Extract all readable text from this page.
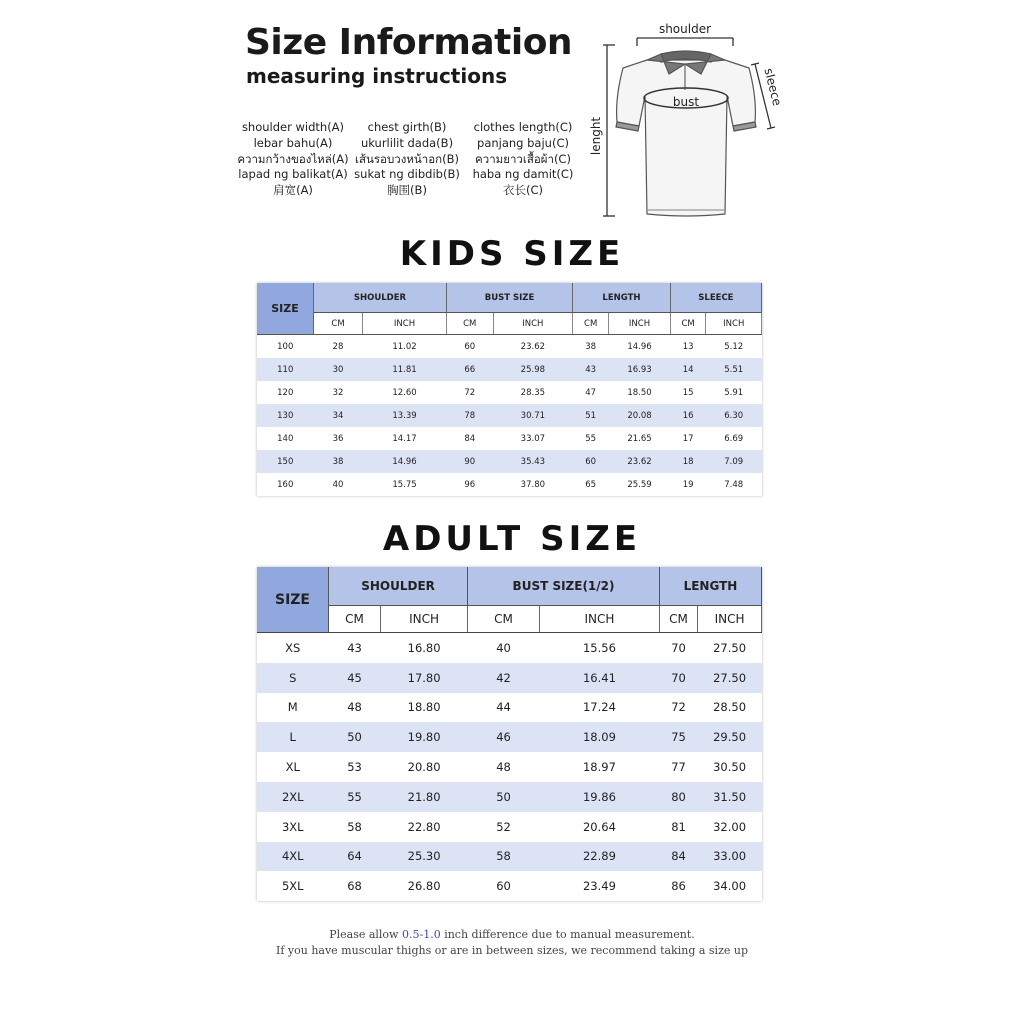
Size Information
measuring instructions
shoulder width(A)
lebar bahu(A)
ความกว้างของไหล่(A)
lapad ng balikat(A)
肩宽(A)
chest girth(B)
ukurlilit dada(B)
เส้นรอบวงหน้าอก(B)
sukat ng dibdib(B)
胸围(B)
clothes length(C)
panjang baju(C)
ความยาวเสื้อผ้า(C)
haba ng damit(C)
衣长(C)
shoulder
lenght
bust	sleece
KIDS SIZE
SIZE	SHOULDER		BUST SIZE		LENGTH		SLEECE	
	CM	INCH	CM	INCH	CM	INCH	CM	INCH
100	28	11.02	60	23.62	38	14.96	13	5.12
110	30	11.81	66	25.98	43	16.93	14	5.51
120	32	12.60	72	28.35	47	18.50	15	5.91
130	34	13.39	78	30.71	51	20.08	16	6.30
140	36	14.17	84	33.07	55	21.65	17	6.69
150	38	14.96	90	35.43	60	23.62	18	7.09
160	40	15.75	96	37.80	65	25.59	19	7.48
ADULT SIZE
SIZE	SHOULDER		BUST SIZE(1/2)		LENGTH	
	CM	INCH	CM	INCH	CM	INCH
XS	43	16.80	40	15.56	70	27.50
S	45	17.80	42	16.41	70	27.50
M	48	18.80	44	17.24	72	28.50
L	50	19.80	46	18.09	75	29.50
XL	53	20.80	48	18.97	77	30.50
2XL	55	21.80	50	19.86	80	31.50
3XL	58	22.80	52	20.64	81	32.00
4XL	64	25.30	58	22.89	84	33.00
5XL	68	26.80	60	23.49	86	34.00
Please allow 0.5-1.0 inch difference due to manual measurement.
If you have muscular thighs or are in between sizes, we recommend taking a size up
